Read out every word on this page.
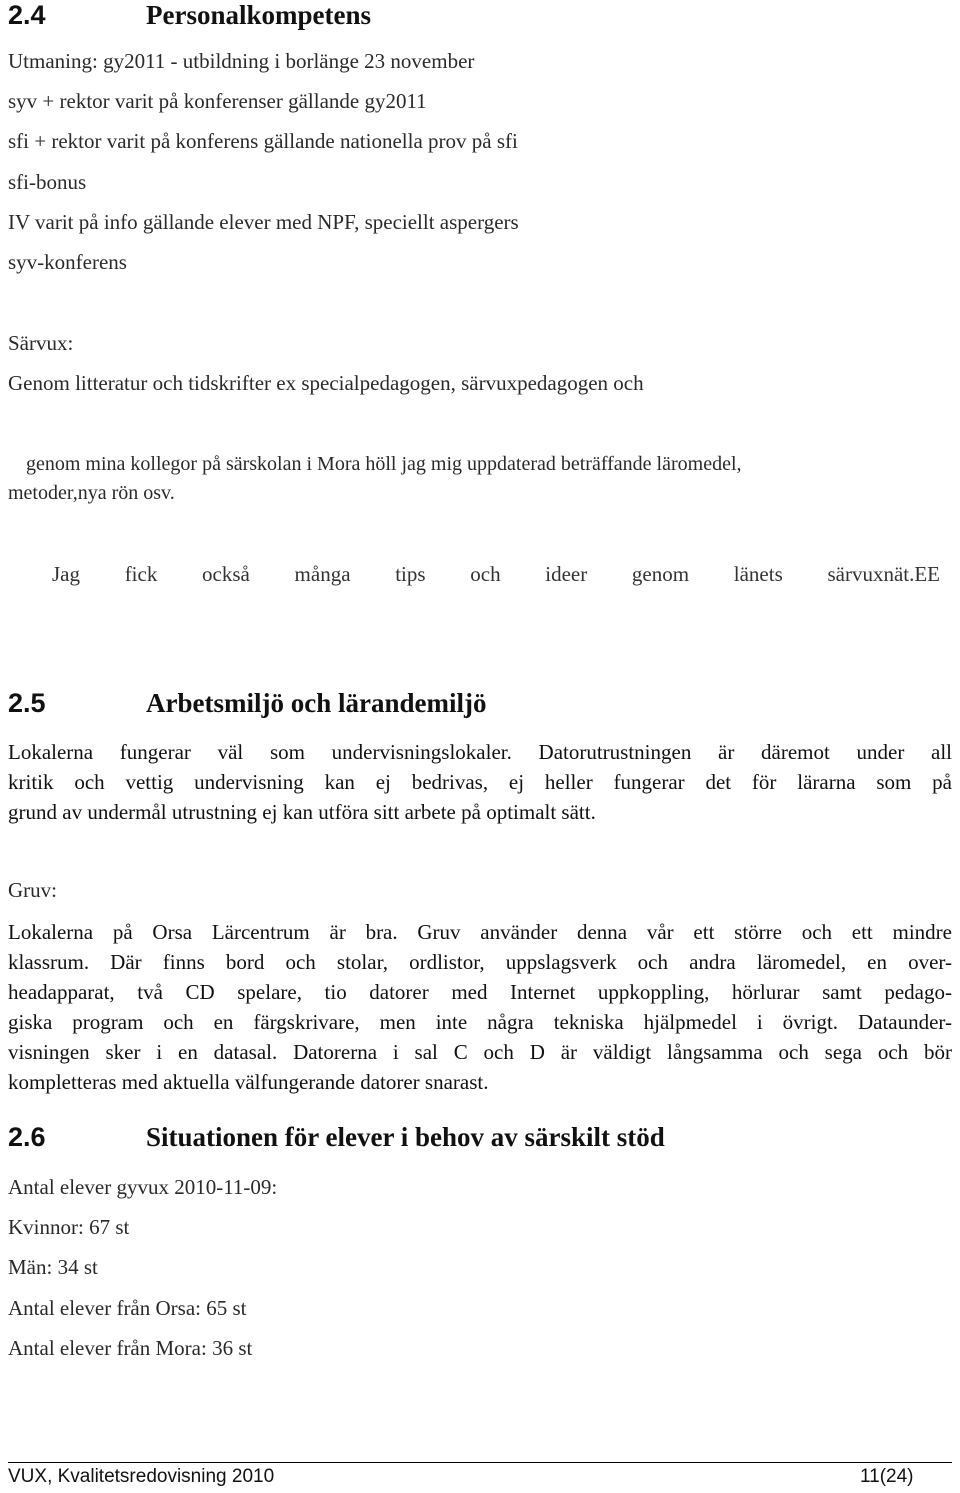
2.4	Personalkompetens
Utmaning: gy2011 - utbildning i borlänge 23 november
syv + rektor varit på konferenser gällande gy2011
sfi + rektor varit på konferens gällande nationella prov på sfi
sfi-bonus
IV varit på info gällande elever med NPF, speciellt aspergers
syv-konferens
Särvux:
Genom litteratur och tidskrifter ex specialpedagogen, särvuxpedagogen och
genom mina kollegor på särskolan i Mora höll jag mig uppdaterad beträffande läromedel,
metoder,nya rön osv.
Jag fick också många tips och ideer genom länets särvuxnät.EE
2.5	Arbetsmiljö och lärandemiljö
Lokalerna fungerar väl som undervisningslokaler. Datorutrustningen är däremot under all
kritik och vettig undervisning kan ej bedrivas, ej heller fungerar det för lärarna som på
grund av undermål utrustning ej kan utföra sitt arbete på optimalt sätt.
Gruv:
Lokalerna på Orsa Lärcentrum är bra. Gruv använder denna vår ett större och ett mindre
klassrum. Där finns bord och stolar, ordlistor, uppslagsverk och andra läromedel, en over-
headapparat, två CD spelare, tio datorer med Internet uppkoppling, hörlurar samt pedago-
giska program och en färgskrivare, men inte några tekniska hjälpmedel i övrigt. Dataunder-
visningen sker i en datasal. Datorerna i sal C och D är väldigt långsamma och sega och bör
kompletteras med aktuella välfungerande datorer snarast.
2.6	Situationen för elever i behov av särskilt stöd
Antal elever gyvux 2010-11-09:
Kvinnor: 67 st
Män: 34 st
Antal elever från Orsa: 65 st
Antal elever från Mora: 36 st
VUX, Kvalitetsredovisning 2010	11(24)
